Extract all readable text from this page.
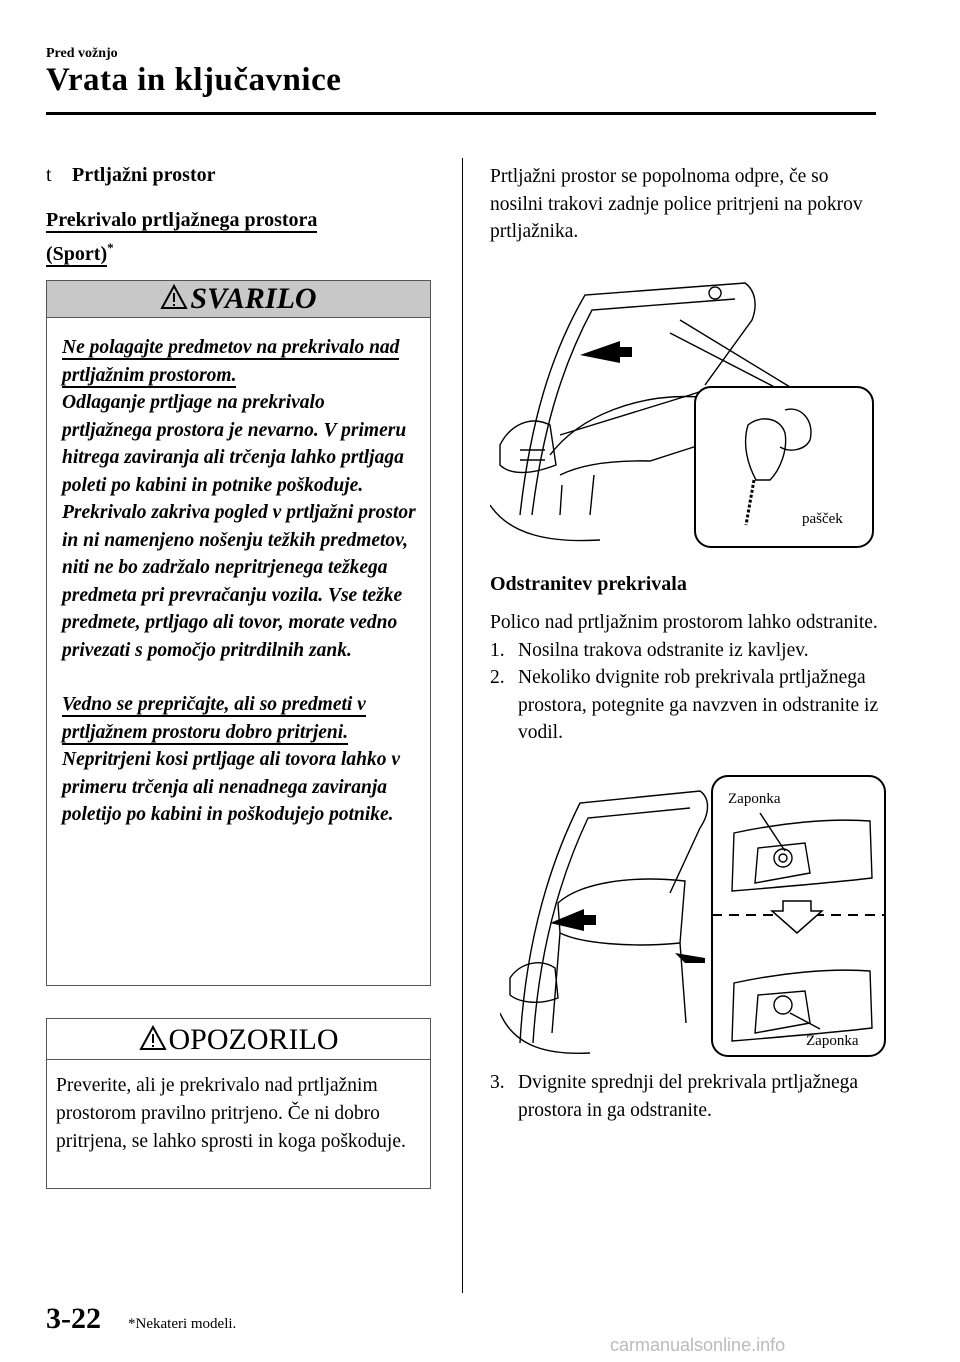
Pred vožnjo
Vrata in ključavnice
t Prtljažni prostor
Prekrivalo prtljažnega prostora (Sport)*
SVARILO
Ne polagajte predmetov na prekrivalo nad prtljažnim prostorom.
Odlaganje prtljage na prekrivalo prtljažnega prostora je nevarno. V primeru hitrega zaviranja ali trčenja lahko prtljaga poleti po kabini in potnike poškoduje. Prekrivalo zakriva pogled v prtljažni prostor in ni namenjeno nošenju težkih predmetov, niti ne bo zadržalo nepritrjenega težkega predmeta pri prevračanju vozila. Vse težke predmete, prtljago ali tovor, morate vedno privezati s pomočjo pritrdilnih zank.
Vedno se prepričajte, ali so predmeti v prtljažnem prostoru dobro pritrjeni.
Nepritrjeni kosi prtljage ali tovora lahko v primeru trčenja ali nenadnega zaviranja poletijo po kabini in poškodujejo potnike.
OPOZORILO
Preverite, ali je prekrivalo nad prtljažnim prostorom pravilno pritrjeno. Če ni dobro pritrjena, se lahko sprosti in koga poškoduje.
Prtljažni prostor se popolnoma odpre, če so nosilni trakovi zadnje police pritrjeni na pokrov prtljažnika.
pašček
Odstranitev prekrivala
Polico nad prtljažnim prostorom lahko odstranite.
1. Nosilna trakova odstranite iz kavljev.
2. Nekoliko dvignite rob prekrivala prtljažnega prostora, potegnite ga navzven in odstranite iz vodil.
Zaponka
Zaponka
3. Dvignite sprednji del prekrivala prtljažnega prostora in ga odstranite.
3-22 *Nekateri modeli.
carmanualsonline.info
